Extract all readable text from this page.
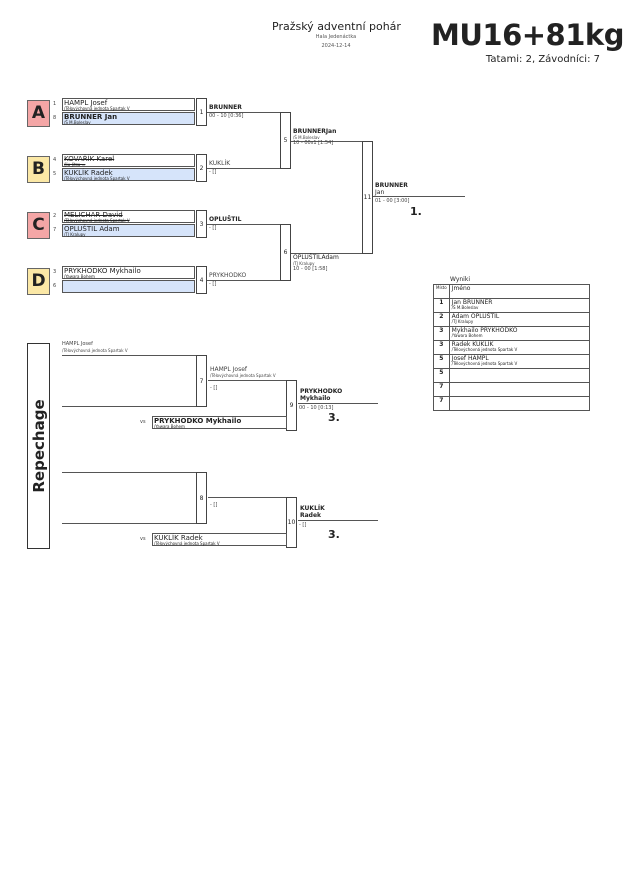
Pražský adventní pohár
Hala Jedenáctka
2024-12-14	MU16+81kg
Tatami: 2, Závodníci: 7
Repechage
Wyniki
Místo	Jméno
1	Jan BRUNNER
/Š M.Boleslav

2	Adam OPLUŠTIL
/TJ Kralupy

3	Mykhailo PRYKHODKO
/Yawara Bohem

3	Radek KUKLÍK
/Tělovýchovná jednota Spartak V

5	Josef HAMPL
/Tělovýchovná jednota Spartak V

5	

7	

7	
A	1 HAMPL Josef
/Tělovýchovná jednota Spartak V
8 BRUNNER Jan
/Š M.Boleslav
1
BRUNNER
00 - 10 [0:36]
B	4 KOVAŘÍK Karel
/Jiu-Jitsu ...
5 KUKLÍK Radek
/Tělovýchovná jednota Spartak V
2
KUKLÍK
- []
C	2 MELICHAR David
/Tělovýchovná jednota Spartak V
7 OPLUŠTIL Adam
/TJ Kralupy
3
OPLUŠTIL
- []
D	3 PRYKHODKO Mykhailo
/Yawara Bohem
6
4
PRYKHODKO
- []
5
BRUNNERJan
/Š M.Boleslav
10 - 00s1 [1:54]
6
OPLUŠTILAdam
/TJ Kralupy
10 - 00 [1:58]
11
BRUNNER
Jan
01 - 00 [3:00]
1.
7
- []
9
PRYKHODKO Mykhailo
/Yawara Bohem
vs
PRYKHODKO
Mykhailo
00 - 10 [0:13]
3.
8
- []
10
KUKLÍK Radek
/Tělovýchovná jednota Spartak V
vs
KUKLÍK
Radek
- []
3.
HAMPL Josef
/Tělovýchovná jednota Spartak V
HAMPL Josef
/Tělovýchovná jednota Spartak V
